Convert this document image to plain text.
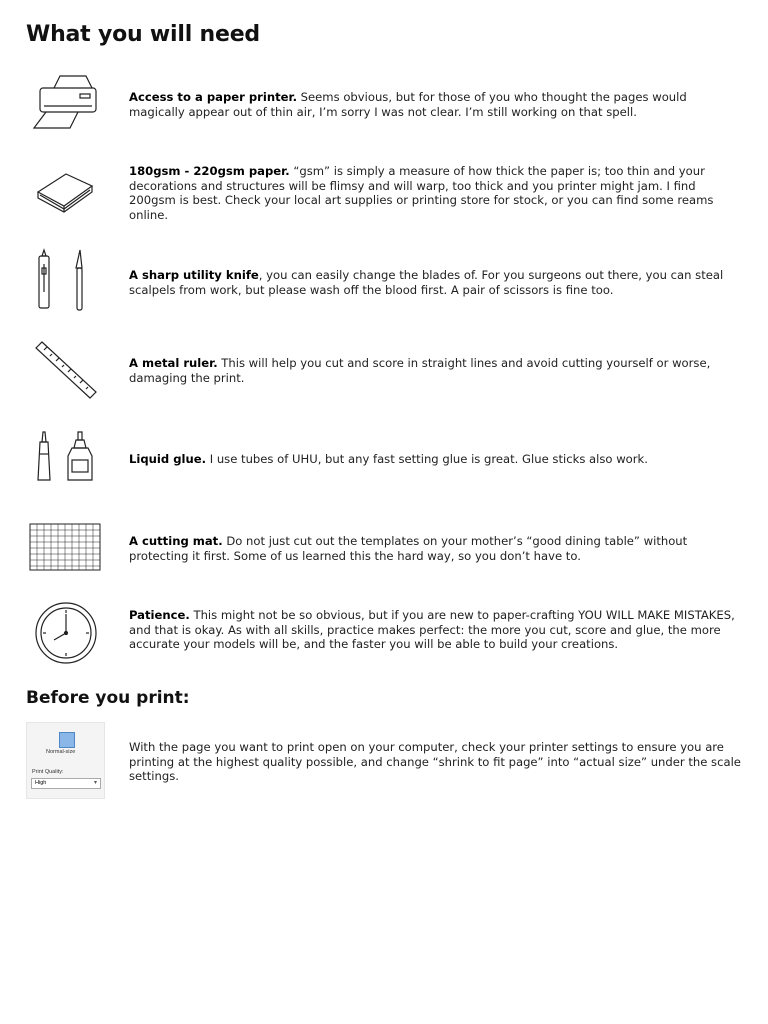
What you will need
Access to a paper printer. Seems obvious, but for those of you who thought the pages would magically appear out of thin air, I’m sorry I was not clear. I’m still working on that spell.
180gsm - 220gsm paper. “gsm” is simply a measure of how thick the paper is; too thin and your decorations and structures will be flimsy and will warp, too thick and you printer might jam. I find 200gsm is best. Check your local art supplies or printing store for stock, or you can find some reams online.
A sharp utility knife, you can easily change the blades of. For you surgeons out there, you can steal scalpels from work, but please wash off the blood first. A pair of scissors is fine too.
A metal ruler. This will help you cut and score in straight lines and avoid cutting yourself or worse, damaging the print.
Liquid glue. I use tubes of UHU, but any fast setting glue is great. Glue sticks also work.
A cutting mat. Do not just cut out the templates on your mother’s “good dining table” without protecting it first. Some of us learned this the hard way, so you don’t have to.
Patience. This might not be so obvious, but if you are new to paper-crafting YOU WILL MAKE MISTAKES, and that is okay. As with all skills, practice makes perfect: the more you cut, score and glue, the more accurate your models will be, and the faster you will be able to build your creations.
Before you print:
Normal-size
Print Quality:
High	▾
With the page you want to print open on your computer, check your printer settings to ensure you are printing at the highest quality possible, and change “shrink to fit page” into “actual size” under the scale settings.
